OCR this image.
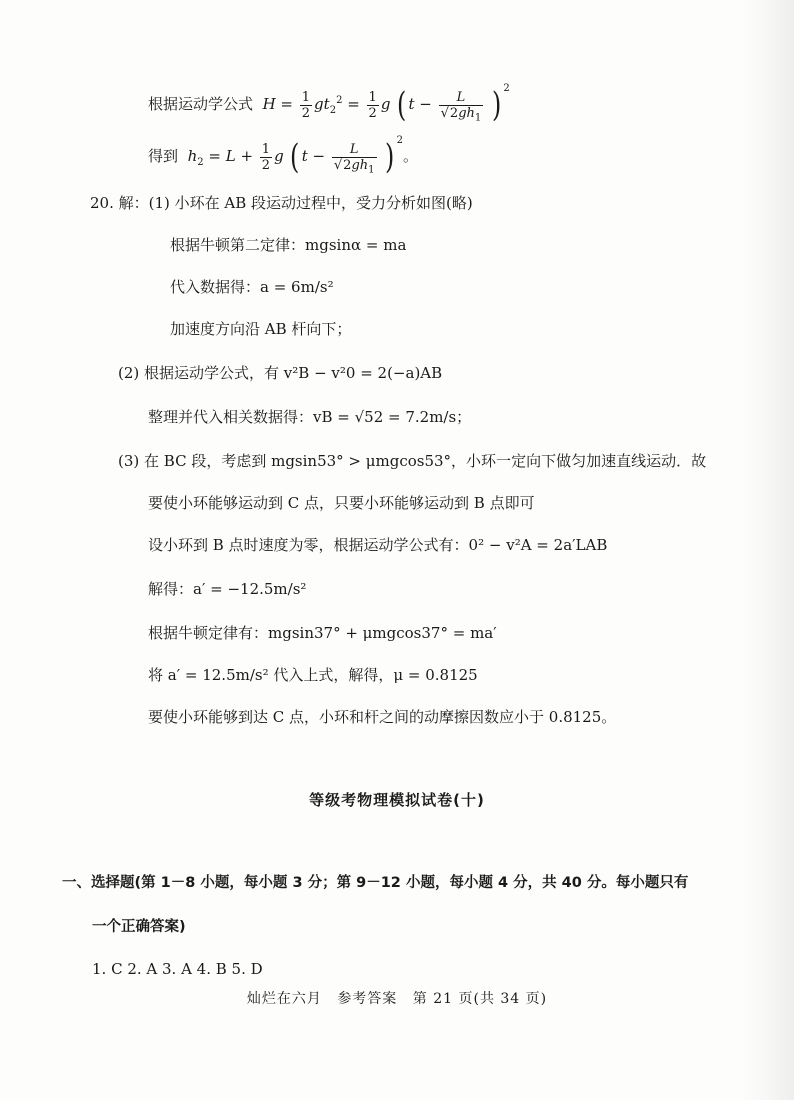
根据运动学公式  $H = \frac{1}{2} gt_2^2 = \frac{1}{2}$ g ( $t - \frac{L}{√2gh_1}$ ) $^2$
得到  $h_2 = L + \frac{1}{2}$ g ( $t - \frac{L}{√2gh_1}$ ) $^2$。
20. 解：(1) 小环在 AB 段运动过程中，受力分析如图(略)
根据牛顿第二定律：mgsinα = ma
代入数据得：a = 6m/s²
加速度方向沿 AB 杆向下；
(2) 根据运动学公式，有 v²B − v²0 = 2(−a)AB
整理并代入相关数据得：vB = √52 = 7.2m/s；
(3) 在 BC 段，考虑到 mgsin53° > μmgcos53°，小环一定向下做匀加速直线运动．故
要使小环能够运动到 C 点，只要小环能够运动到 B 点即可
设小环到 B 点时速度为零，根据运动学公式有：0² − v²A = 2a′LAB
解得：a′ = −12.5m/s²
根据牛顿定律有：mgsin37° + μmgcos37° = ma′
将 a′ = 12.5m/s² 代入上式，解得，μ = 0.8125
要使小环能够到达 C 点，小环和杆之间的动摩擦因数应小于 0.8125。
等级考物理模拟试卷(十)
一、选择题(第 1－8 小题，每小题 3 分；第 9－12 小题，每小题 4 分，共 40 分。每小题只有
一个正确答案)
1. C 2. A 3. A 4. B 5. D
灿烂在六月 参考答案 第 21 页(共 34 页)
